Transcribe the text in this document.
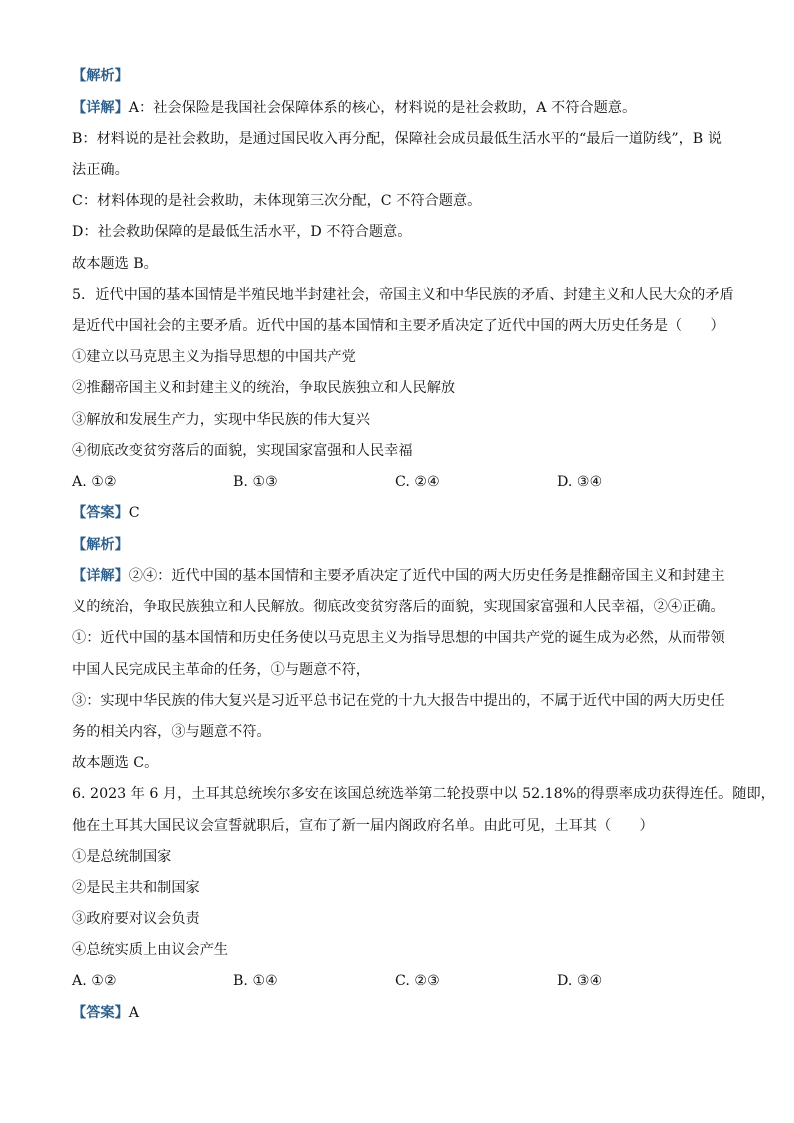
【解析】
【详解】A：社会保险是我国社会保障体系的核心，材料说的是社会救助，A 不符合题意。
B：材料说的是社会救助，是通过国民收入再分配，保障社会成员最低生活水平的“最后一道防线”，B 说
法正确。
C：材料体现的是社会救助，未体现第三次分配，C 不符合题意。
D：社会救助保障的是最低生活水平，D 不符合题意。
故本题选 B。
5．近代中国的基本国情是半殖民地半封建社会，帝国主义和中华民族的矛盾、封建主义和人民大众的矛盾
是近代中国社会的主要矛盾。近代中国的基本国情和主要矛盾决定了近代中国的两大历史任务是（　　）
①建立以马克思主义为指导思想的中国共产党
②推翻帝国主义和封建主义的统治，争取民族独立和人民解放
③解放和发展生产力，实现中华民族的伟大复兴
④彻底改变贫穷落后的面貌，实现国家富强和人民幸福
A. ①②	B. ①③	C. ②④	D. ③④
【答案】C
【解析】
【详解】②④：近代中国的基本国情和主要矛盾决定了近代中国的两大历史任务是推翻帝国主义和封建主
义的统治，争取民族独立和人民解放。彻底改变贫穷落后的面貌，实现国家富强和人民幸福，②④正确。
①：近代中国的基本国情和历史任务使以马克思主义为指导思想的中国共产党的诞生成为必然，从而带领
中国人民完成民主革命的任务，①与题意不符，
③：实现中华民族的伟大复兴是习近平总书记在党的十九大报告中提出的，不属于近代中国的两大历史任
务的相关内容，③与题意不符。
故本题选 C。
6. 2023 年 6 月，土耳其总统埃尔多安在该国总统选举第二轮投票中以 52.18%的得票率成功获得连任。随即，
他在土耳其大国民议会宣誓就职后，宣布了新一届内阁政府名单。由此可见，土耳其（　　）
①是总统制国家
②是民主共和制国家
③政府要对议会负责
④总统实质上由议会产生
A. ①②	B. ①④	C. ②③	D. ③④
【答案】A
